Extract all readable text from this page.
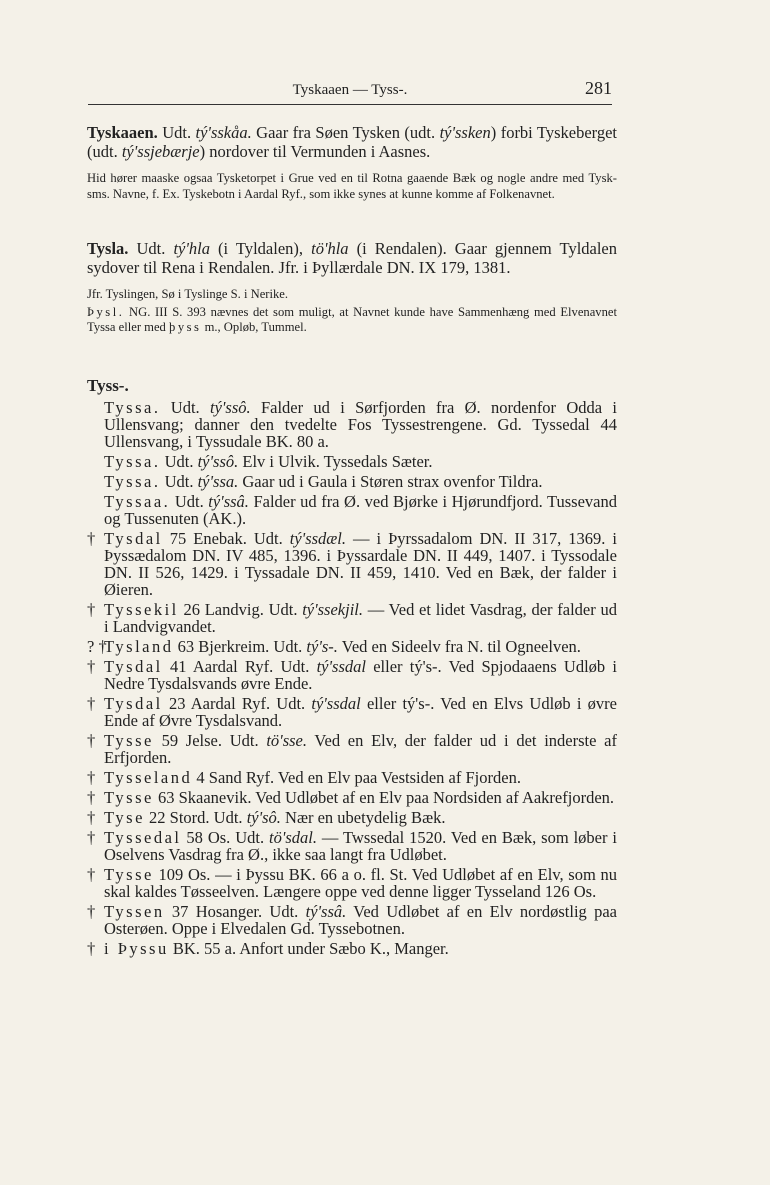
Tyskaaen — Tyss-.	281

Tyskaaen. Udt. tý'sskåa. Gaar fra Søen Tysken (udt. tý'ssken) forbi Tyskeberget (udt. tý'ssjebærje) nordover til Vermunden i Aasnes.

Hid hører maaske ogsaa Tysketorpet i Grue ved en til Rotna gaaende Bæk og nogle andre med Tysk- sms. Navne, f. Ex. Tyskebotn i Aardal Ryf., som ikke synes at kunne komme af Folkenavnet.

Tysla. Udt. tý'hla (i Tyldalen), tö'hla (i Rendalen). Gaar gjennem Tyldalen sydover til Rena i Rendalen. Jfr. i Þyllærdale DN. IX 179, 1381.

Jfr. Tyslingen, Sø i Tyslinge S. i Nerike.

Þysl. NG. III S. 393 nævnes det som muligt, at Navnet kunde have Sammenhæng med Elvenavnet Tyssa eller med þyss m., Opløb, Tummel.

Tyss-.

Tyssa. Udt. tý'ssô. Falder ud i Sørfjorden fra Ø. nordenfor Odda i Ullensvang; danner den tvedelte Fos Tyssestrengene. Gd. Tyssedal 44 Ullensvang, i Tyssudale BK. 80 a.

Tyssa. Udt. tý'ssô. Elv i Ulvik. Tyssedals Sæter.

Tyssa. Udt. tý'ssa. Gaar ud i Gaula i Støren strax ovenfor Tildra.

Tyssaa. Udt. tý'ssâ. Falder ud fra Ø. ved Bjørke i Hjørundfjord. Tussevand og Tussenuten (AK.).

† Tysdal 75 Enebak. Udt. tý'ssdæl. — i Þyrssadalom DN. II 317, 1369. i Þyssædalom DN. IV 485, 1396. i Þyssardale DN. II 449, 1407. i Tyssodale DN. II 526, 1429. i Tyssadale DN. II 459, 1410. Ved en Bæk, der falder i Øieren.

† Tyssekil 26 Landvig. Udt. tý'ssekjil. — Ved et lidet Vasdrag, der falder ud i Landvigvandet.

? †
Tysland 63 Bjerkreim. Udt. tý's-. Ved en Sideelv fra N. til Ogneelven.

† Tysdal 41 Aardal Ryf. Udt. tý'ssdal eller tý's-. Ved Spjodaaens Udløb i Nedre Tysdalsvands øvre Ende.

† Tysdal 23 Aardal Ryf. Udt. tý'ssdal eller tý's-. Ved en Elvs Udløb i øvre Ende af Øvre Tysdalsvand.

† Tysse 59 Jelse. Udt. tö'sse. Ved en Elv, der falder ud i det inderste af Erfjorden.

† Tysseland 4 Sand Ryf. Ved en Elv paa Vestsiden af Fjorden.

† Tysse 63 Skaanevik. Ved Udløbet af en Elv paa Nordsiden af Aakrefjorden.

† Tyse 22 Stord. Udt. tý'sô. Nær en ubetydelig Bæk.

† Tyssedal 58 Os. Udt. tö'sdal. — Twssedal 1520. Ved en Bæk, som løber i Oselvens Vasdrag fra Ø., ikke saa langt fra Udløbet.

† Tysse 109 Os. — i Þyssu BK. 66 a o. fl. St. Ved Udløbet af en Elv, som nu skal kaldes Tøsseelven. Længere oppe ved denne ligger Tysseland 126 Os.

† Tyssen 37 Hosanger. Udt. tý'ssâ. Ved Udløbet af en Elv nordøstlig paa Osterøen. Oppe i Elvedalen Gd. Tyssebotnen.

† i Þyssu BK. 55 a. Anfort under Sæbo K., Manger.
